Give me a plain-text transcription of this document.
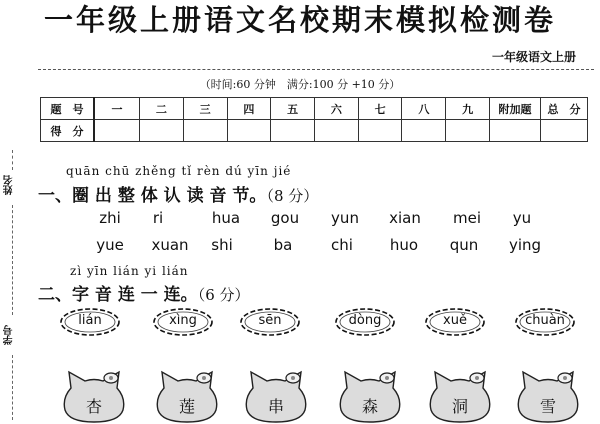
一年级上册语文名校期末模拟检测卷
一年级语文上册
（时间:60 分钟　满分:100 分 +10 分）
题　号	一	二	三	四	五	六	七	八	九	附加题	总　分
得　分											
姓名
学号
quān chū zhěng tǐ rèn dú yīn jié
一、圈 出 整 体 认 读 音 节。（8 分）
zhi ri	hua gou yun xian mei yu
yue xuan shi	ba	chi huo qun ying
zì yīn lián yi lián
二、字 音 连 一 连。（6 分）
lián	xìng	sēn	dòng	xuě	chuàn
杏	莲	串	森	洞	雪
